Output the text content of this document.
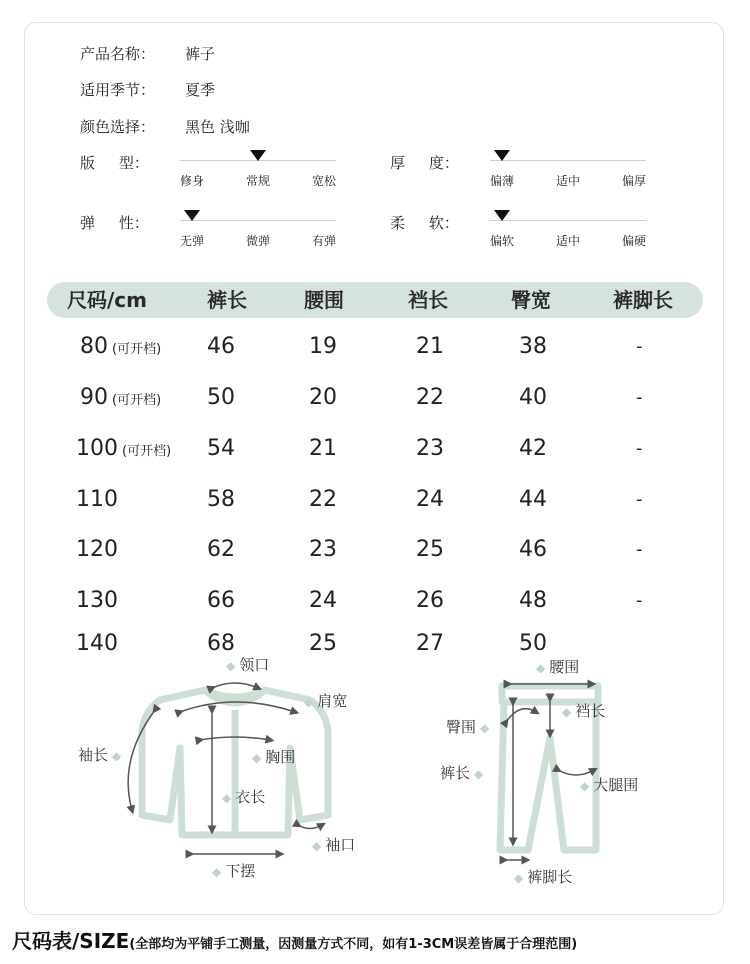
产品名称： 裤子
适用季节： 夏季
颜色选择： 黑色 浅咖
版     型：
修身	常规	宽松
厚     度：
偏薄	适中	偏厚
弹     性：
无弹	微弹	有弹
柔     软：
偏软	适中	偏硬
尺码/cm	裤长	腰围	裆长	臀宽	裤脚长
80 (可开档) 46	19	21	38	-
90 (可开档) 50	20	22	40	-
100 (可开档) 54	21	23	42	-
110	58	22	24	44	-
120	62	23	25	46	-
130	66	24	26	48	-
140	68	25	27	50
◆ 领口
◆ 肩宽
袖长 ◆	◆ 胸围
◆ 衣长
◆ 袖口
◆ 下摆
◆ 腰围
臀围 ◆
◆ 裆长
裤长 ◆
◆ 大腿围
◆ 裤脚长
尺码表/SIZE(全部均为平铺手工测量，因测量方式不同，如有1-3CM误差皆属于合理范围)
